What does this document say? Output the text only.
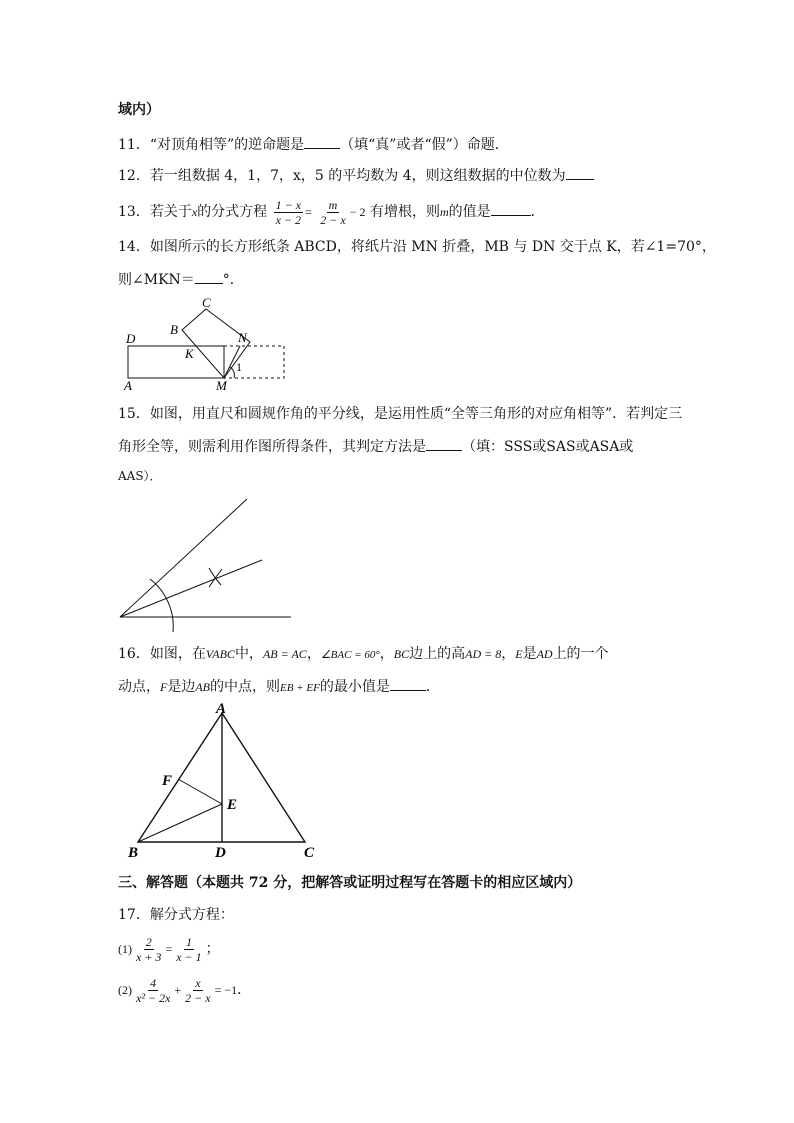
域内）
11．“对顶角相等”的逆命题是	（填“真”或者“假”）命题．
12．若一组数据 4，1，7，x，5 的平均数为 4，则这组数据的中位数为
13．若关于x的分式方程 $\frac{1 - x}{x - 2} = \frac{m}{2 - x} - 2$ 有增根，则m的值是	．
14．如图所示的长方形纸条 ABCD，将纸片沿 MN 折叠，MB 与 DN 交于点 K，若∠1=70°，
则∠MKN＝ °．
C
B
N
D
K
A	M
1
15．如图，用直尺和圆规作角的平分线，是运用性质“全等三角形的对应角相等”．若判定三
角形全等，则需利用作图所得条件，其判定方法是	（填：SSS或SAS或ASA或
AAS）．
16．如图，在VABC中，AB = AC，∠BAC = 60°，BC边上的高AD = 8，E是AD上的一个
动点，F是边AB的中点，则EB + EF的最小值是	．
A
F
E
B	D	C
三、解答题（本题共 72 分，把解答或证明过程写在答题卡的相应区域内）
17．解分式方程：
$(1) \frac{2}{x + 3} = \frac{1}{x - 1}$ ；
$(2) \frac{4}{\text{x² − 2x}} + \frac{x}{2 - x} = -1$．
